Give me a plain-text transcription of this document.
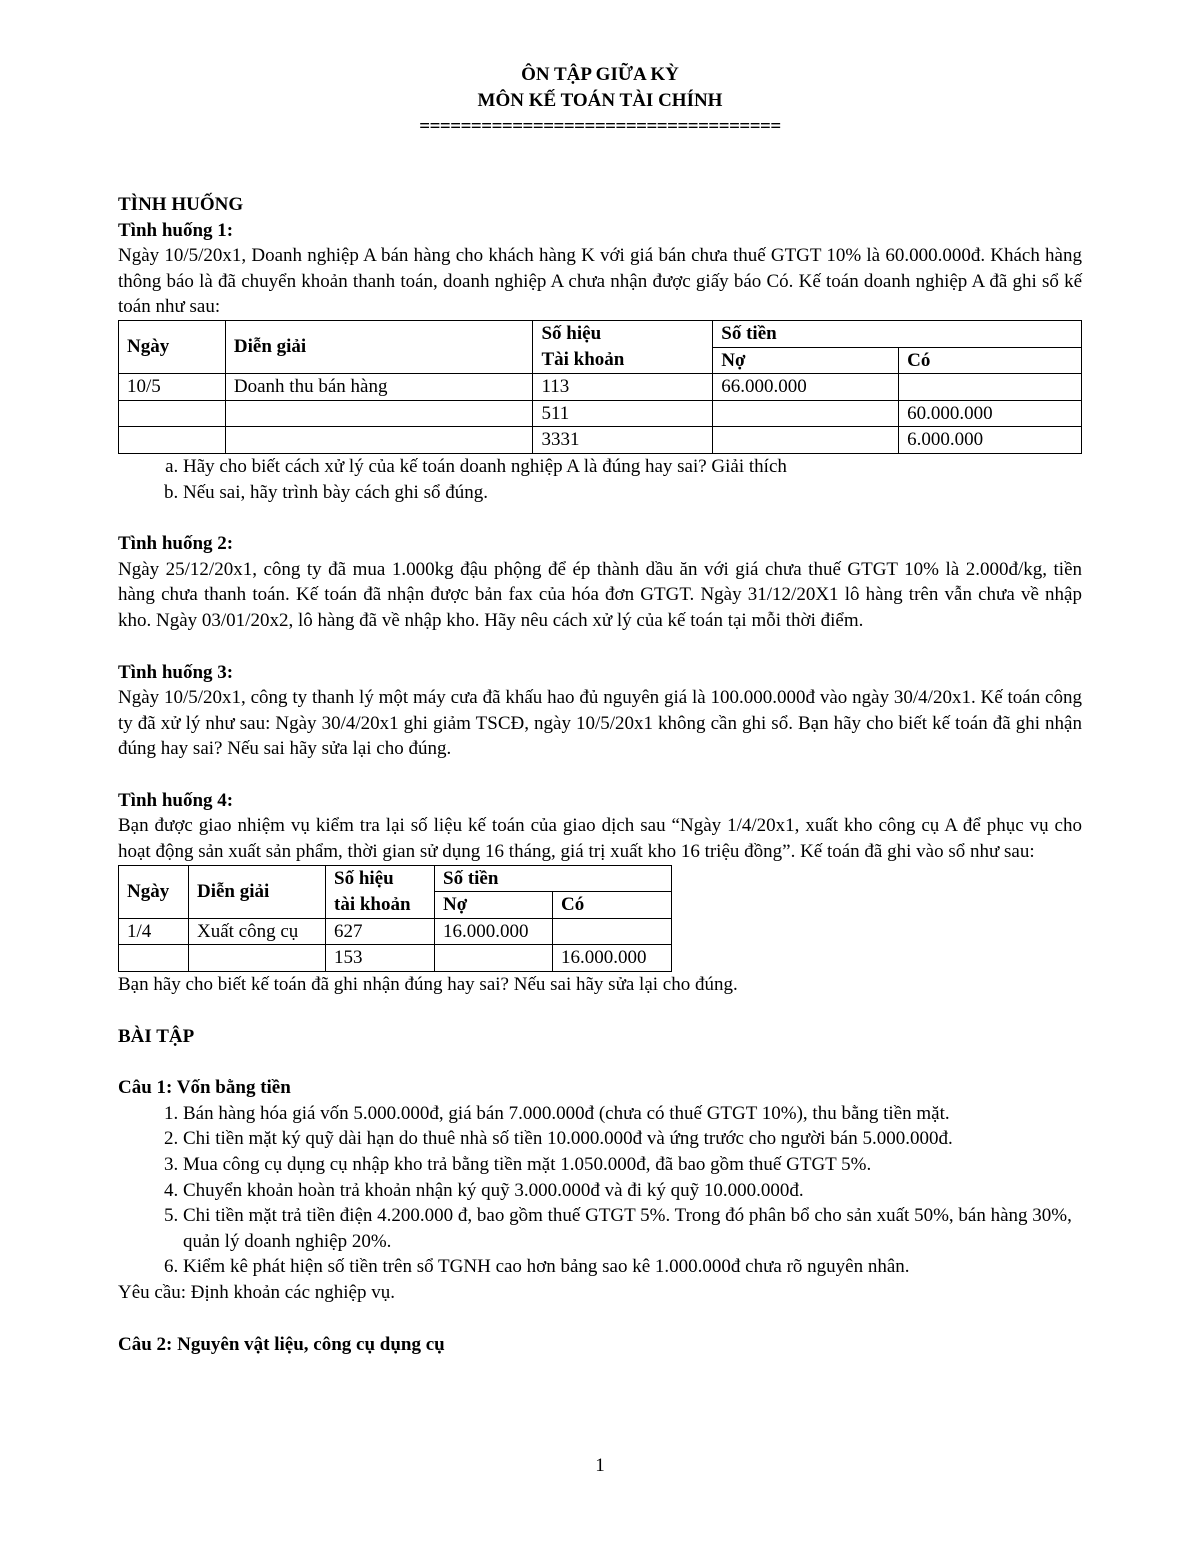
ÔN TẬP GIỮA KỲ
MÔN KẾ TOÁN TÀI CHÍNH
===================================

TÌNH HUỐNG

Tình huống 1:

Ngày 10/5/20x1, Doanh nghiệp A bán hàng cho khách hàng K với giá bán chưa thuế GTGT 10% là 60.000.000đ. Khách hàng thông báo là đã chuyển khoản thanh toán, doanh nghiệp A chưa nhận được giấy báo Có. Kế toán doanh nghiệp A đã ghi sổ kế toán như sau:

Ngày	Diễn giải	Số hiệu
Tài khoản	Số tiền	
			Nợ	Có
10/5	Doanh thu bán hàng	113	66.000.000	
		511		60.000.000
		3331		6.000.000
a. Hãy cho biết cách xử lý của kế toán doanh nghiệp A là đúng hay sai? Giải thích
b. Nếu sai, hãy trình bày cách ghi sổ đúng.

Tình huống 2:

Ngày 25/12/20x1, công ty đã mua 1.000kg đậu phộng để ép thành dầu ăn với giá chưa thuế GTGT 10% là 2.000đ/kg, tiền hàng chưa thanh toán. Kế toán đã nhận được bản fax của hóa đơn GTGT. Ngày 31/12/20X1 lô hàng trên vẫn chưa về nhập kho. Ngày 03/01/20x2, lô hàng đã về nhập kho. Hãy nêu cách xử lý của kế toán tại mỗi thời điểm.

Tình huống 3:

Ngày 10/5/20x1, công ty thanh lý một máy cưa đã khấu hao đủ nguyên giá là 100.000.000đ vào ngày 30/4/20x1. Kế toán công ty đã xử lý như sau: Ngày 30/4/20x1 ghi giảm TSCĐ, ngày 10/5/20x1 không cần ghi sổ. Bạn hãy cho biết kế toán đã ghi nhận đúng hay sai? Nếu sai hãy sửa lại cho đúng.

Tình huống 4:

Bạn được giao nhiệm vụ kiểm tra lại số liệu kế toán của giao dịch sau “Ngày 1/4/20x1, xuất kho công cụ A để phục vụ cho hoạt động sản xuất sản phẩm, thời gian sử dụng 16 tháng, giá trị xuất kho 16 triệu đồng”. Kế toán đã ghi vào sổ như sau:

Ngày	Diễn giải	Số hiệu
tài khoản	Số tiền	
			Nợ	Có
1/4	Xuất công cụ	627	16.000.000	
		153		16.000.000

Bạn hãy cho biết kế toán đã ghi nhận đúng hay sai? Nếu sai hãy sửa lại cho đúng.

BÀI TẬP

Câu 1: Vốn bằng tiền

1. Bán hàng hóa giá vốn 5.000.000đ, giá bán 7.000.000đ (chưa có thuế GTGT 10%), thu bằng tiền mặt.
2. Chi tiền mặt ký quỹ dài hạn do thuê nhà số tiền 10.000.000đ và ứng trước cho người bán 5.000.000đ.
3. Mua công cụ dụng cụ nhập kho trả bằng tiền mặt 1.050.000đ, đã bao gồm thuế GTGT 5%.
4. Chuyển khoản hoàn trả khoản nhận ký quỹ 3.000.000đ và đi ký quỹ 10.000.000đ.
5. Chi tiền mặt trả tiền điện 4.200.000 đ, bao gồm thuế GTGT 5%. Trong đó phân bổ cho sản xuất 50%, bán hàng 30%, quản lý doanh nghiệp 20%.
6. Kiểm kê phát hiện số tiền trên sổ TGNH cao hơn bảng sao kê 1.000.000đ chưa rõ nguyên nhân.

Yêu cầu: Định khoản các nghiệp vụ.

Câu 2: Nguyên vật liệu, công cụ dụng cụ

1
